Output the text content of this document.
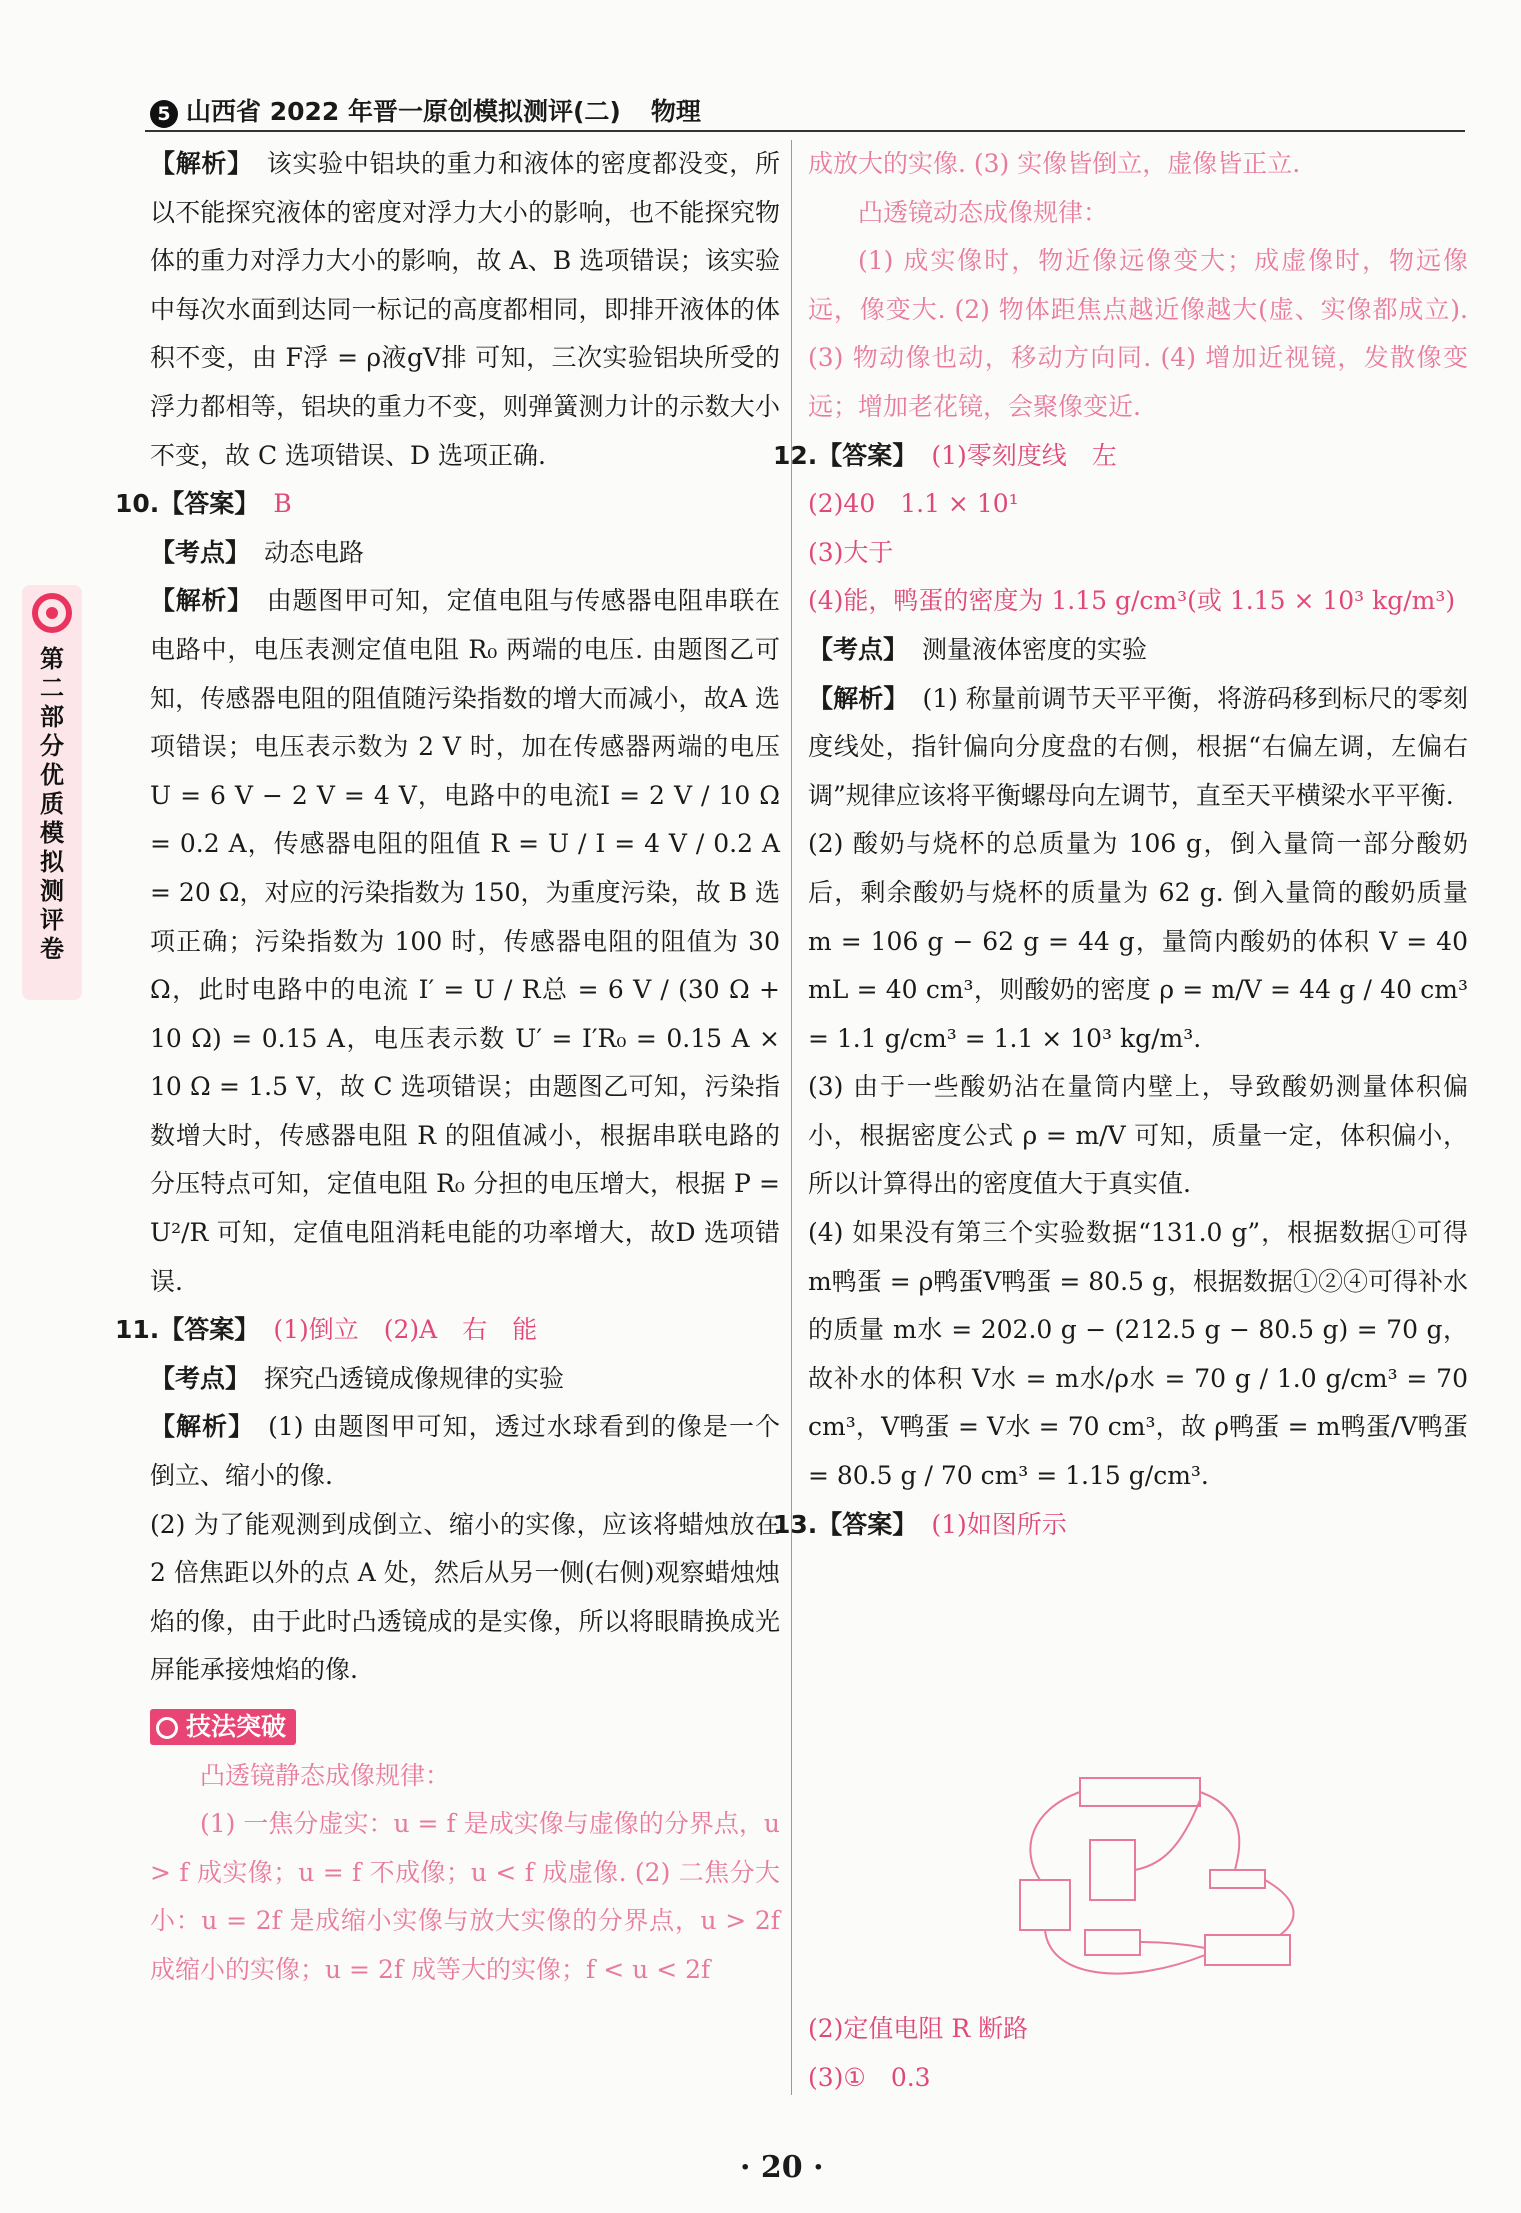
5 山西省 2022 年晋一原创模拟测评(二) 物理
第二部分 优质模拟 测评卷

【解析】 该实验中铝块的重力和液体的密度都没变，所以不能探究液体的密度对浮力大小的影响，也不能探究物体的重力对浮力大小的影响，故 A、B 选项错误；该实验中每次水面到达同一标记的高度都相同，即排开液体的体积不变，由 F浮 = ρ液gV排 可知，三次实验铝块所受的浮力都相等，铝块的重力不变，则弹簧测力计的示数大小不变，故 C 选项错误、D 选项正确.

10.【答案】 B

【考点】 动态电路

【解析】 由题图甲可知，定值电阻与传感器电阻串联在电路中，电压表测定值电阻 R₀ 两端的电压. 由题图乙可知，传感器电阻的阻值随污染指数的增大而减小，故A 选项错误；电压表示数为 2 V 时，加在传感器两端的电压 U = 6 V − 2 V = 4 V，电路中的电流I = 2 V / 10 Ω = 0.2 A，传感器电阻的阻值 R = U / I = 4 V / 0.2 A = 20 Ω，对应的污染指数为 150，为重度污染，故 B 选项正确；污染指数为 100 时，传感器电阻的阻值为 30 Ω，此时电路中的电流 I′ = U / R总 = 6 V / (30 Ω + 10 Ω) = 0.15 A，电压表示数 U′ = I′R₀ = 0.15 A × 10 Ω = 1.5 V，故 C 选项错误；由题图乙可知，污染指数增大时，传感器电阻 R 的阻值减小，根据串联电路的分压特点可知，定值电阻 R₀ 分担的电压增大，根据 P = U²/R 可知，定值电阻消耗电能的功率增大，故D 选项错误.

11.【答案】 (1)倒立　(2)A　右　能

【考点】 探究凸透镜成像规律的实验

【解析】 (1) 由题图甲可知，透过水球看到的像是一个倒立、缩小的像.

(2) 为了能观测到成倒立、缩小的实像，应该将蜡烛放在 2 倍焦距以外的点 A 处，然后从另一侧(右侧)观察蜡烛烛焰的像，由于此时凸透镜成的是实像，所以将眼睛换成光屏能承接烛焰的像.

技法突破

凸透镜静态成像规律：

(1) 一焦分虚实：u = f 是成实像与虚像的分界点，u > f 成实像；u = f 不成像；u < f 成虚像. (2) 二焦分大小：u = 2f 是成缩小实像与放大实像的分界点，u > 2f 成缩小的实像；u = 2f 成等大的实像；f < u < 2f

成放大的实像. (3) 实像皆倒立，虚像皆正立.

凸透镜动态成像规律：

(1) 成实像时，物近像远像变大；成虚像时，物远像远，像变大. (2) 物体距焦点越近像越大(虚、实像都成立). (3) 物动像也动，移动方向同. (4) 增加近视镜，发散像变远；增加老花镜，会聚像变近.

12.【答案】 (1)零刻度线　左

(2)40　1.1 × 10¹

(3)大于

(4)能，鸭蛋的密度为 1.15 g/cm³(或 1.15 × 10³ kg/m³)

【考点】 测量液体密度的实验

【解析】 (1) 称量前调节天平平衡，将游码移到标尺的零刻度线处，指针偏向分度盘的右侧，根据“右偏左调，左偏右调”规律应该将平衡螺母向左调节，直至天平横梁水平平衡.

(2) 酸奶与烧杯的总质量为 106 g，倒入量筒一部分酸奶后，剩余酸奶与烧杯的质量为 62 g. 倒入量筒的酸奶质量 m = 106 g − 62 g = 44 g，量筒内酸奶的体积 V = 40 mL = 40 cm³，则酸奶的密度 ρ = m/V = 44 g / 40 cm³ = 1.1 g/cm³ = 1.1 × 10³ kg/m³.

(3) 由于一些酸奶沾在量筒内壁上，导致酸奶测量体积偏小，根据密度公式 ρ = m/V 可知，质量一定，体积偏小，所以计算得出的密度值大于真实值.

(4) 如果没有第三个实验数据“131.0 g”，根据数据①可得 m鸭蛋 = ρ鸭蛋V鸭蛋 = 80.5 g，根据数据①②④可得补水的质量 m水 = 202.0 g − (212.5 g − 80.5 g) = 70 g，故补水的体积 V水 = m水/ρ水 = 70 g / 1.0 g/cm³ = 70 cm³，V鸭蛋 = V水 = 70 cm³，故 ρ鸭蛋 = m鸭蛋/V鸭蛋 = 80.5 g / 70 cm³ = 1.15 g/cm³.

13.【答案】 (1)如图所示

(2)定值电阻 R 断路

(3)①　0.3

· 20 ·
